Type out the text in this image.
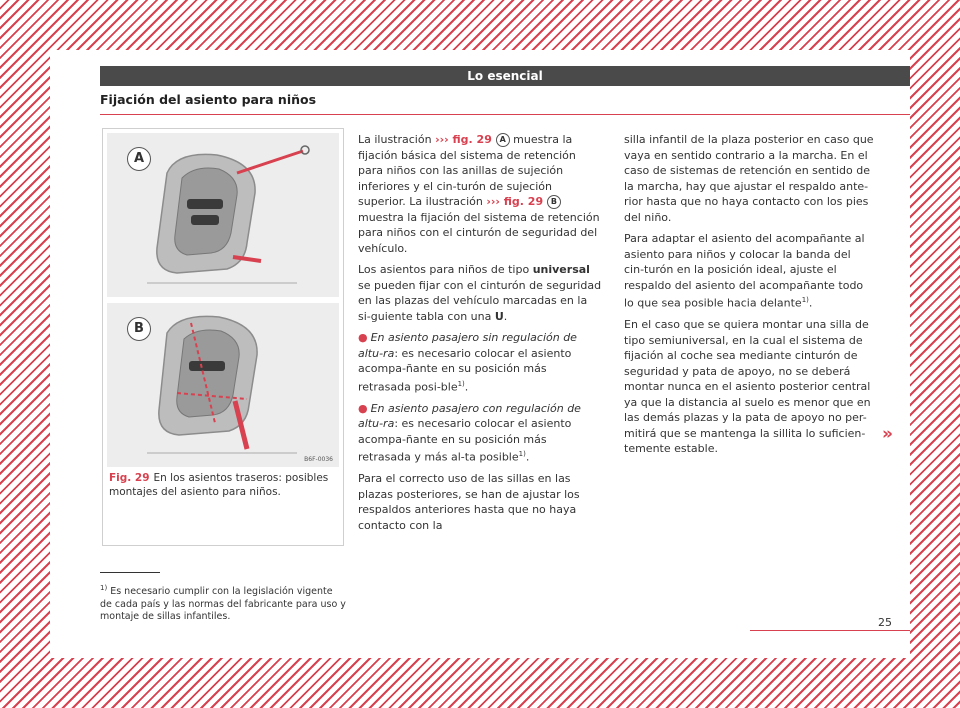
Lo esencial
Fijación del asiento para niños
A
B
B6F-0036
Fig. 29 En los asientos traseros: posibles montajes del asiento para niños.

La ilustración ››› fig. 29 A muestra la fijación básica del sistema de retención para niños con las anillas de sujeción inferiores y el cin-turón de sujeción superior. La ilustración ››› fig. 29 B muestra la fijación del sistema de retención para niños con el cinturón de seguridad del vehículo.

Los asientos para niños de tipo universal se pueden fijar con el cinturón de seguridad en las plazas del vehículo marcadas en la si-guiente tabla con una U.

● En asiento pasajero sin regulación de altu-ra: es necesario colocar el asiento acompa-ñante en su posición más retrasada posi-ble$^{1)}$.

● En asiento pasajero con regulación de altu-ra: es necesario colocar el asiento acompa-ñante en su posición más retrasada y más al-ta posible$^{1)}$.

Para el correcto uso de las sillas en las plazas posteriores, se han de ajustar los respaldos anteriores hasta que no haya contacto con la

silla infantil de la plaza posterior en caso que vaya en sentido contrario a la marcha. En el caso de sistemas de retención en sentido de la marcha, hay que ajustar el respaldo ante-rior hasta que no haya contacto con los pies del niño.

Para adaptar el asiento del acompañante al asiento para niños y colocar la banda del cin-turón en la posición ideal, ajuste el respaldo del asiento del acompañante todo lo que sea posible hacia delante$^{1)}$.

En el caso que se quiera montar una silla de tipo semiuniversal, en la cual el sistema de fijación al coche sea mediante cinturón de seguridad y pata de apoyo, no se deberá montar nunca en el asiento posterior central ya que la distancia al suelo es menor que en las demás plazas y la pata de apoyo no per-mitirá que se mantenga la sillita lo suficien-temente estable.

»
$^{1)}$ Es necesario cumplir con la legislación vigente de cada país y las normas del fabricante para uso y montaje de sillas infantiles.	25
